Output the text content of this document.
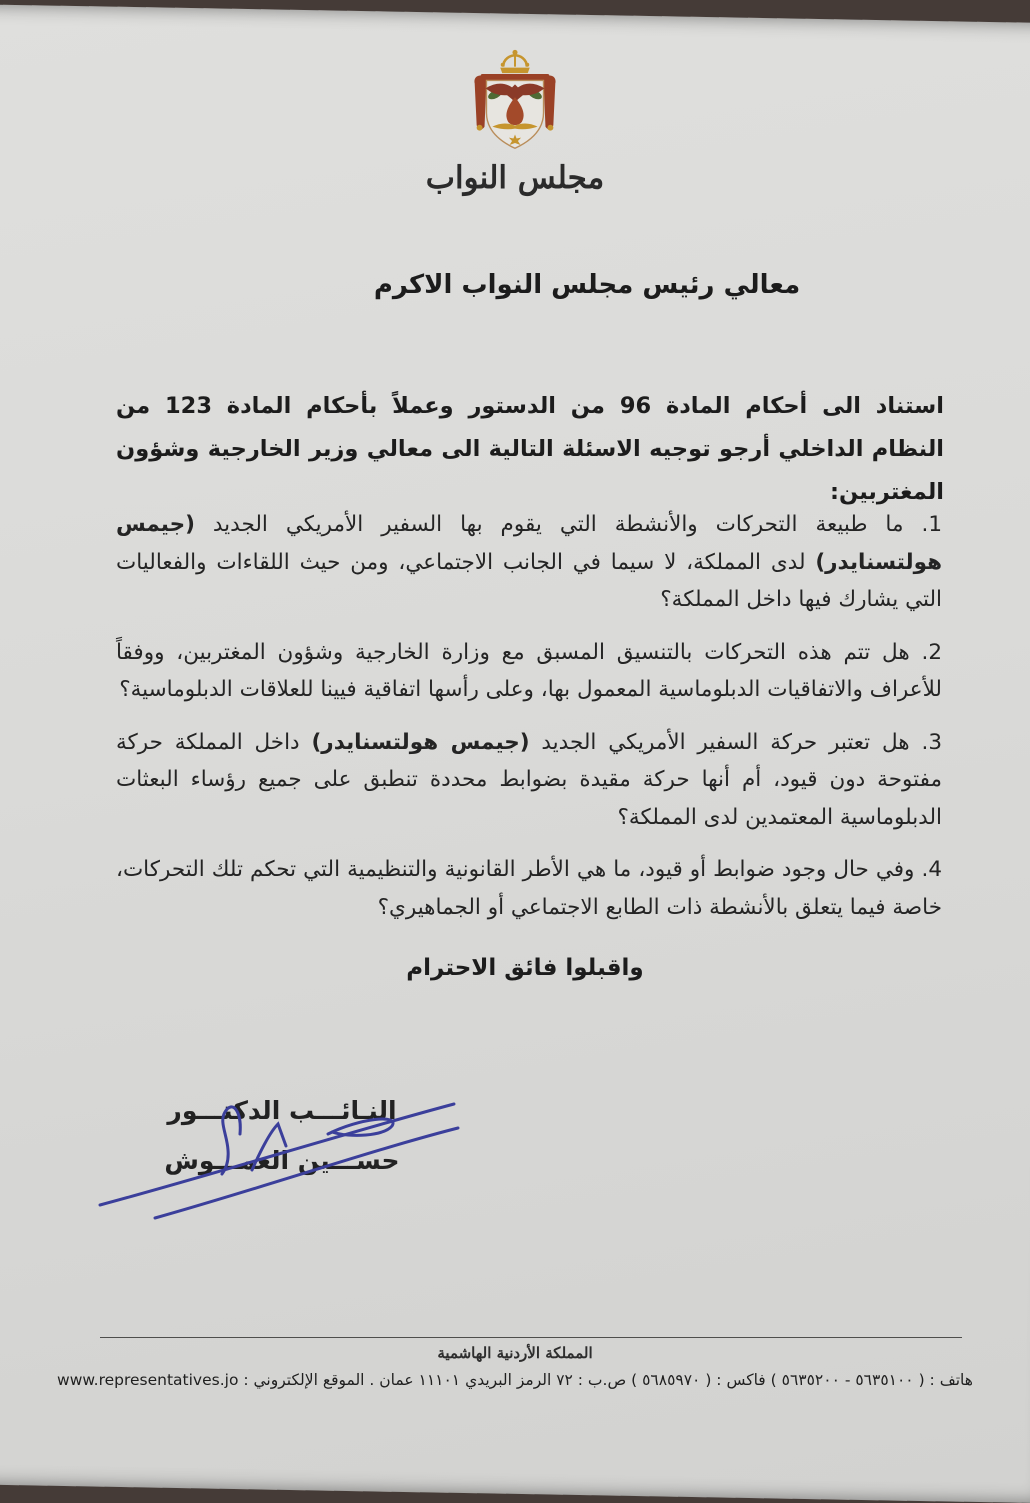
مجلس النواب
معالي رئيس مجلس النواب الاكرم

استناد الى أحكام المادة 96 من الدستور وعملاً بأحكام المادة 123 من النظام الداخلي أرجو توجيه الاسئلة التالية الى معالي وزير الخارجية وشؤون المغتربين:

1. ما طبيعة التحركات والأنشطة التي يقوم بها السفير الأمريكي الجديد (جيمس هولتسنايدر) لدى المملكة، لا سيما في الجانب الاجتماعي، ومن حيث اللقاءات والفعاليات التي يشارك فيها داخل المملكة؟

2. هل تتم هذه التحركات بالتنسيق المسبق مع وزارة الخارجية وشؤون المغتربين، ووفقاً للأعراف والاتفاقيات الدبلوماسية المعمول بها، وعلى رأسها اتفاقية فيينا للعلاقات الدبلوماسية؟

3. هل تعتبر حركة السفير الأمريكي الجديد (جيمس هولتسنايدر) داخل المملكة حركة مفتوحة دون قيود، أم أنها حركة مقيدة بضوابط محددة تنطبق على جميع رؤساء البعثات الدبلوماسية المعتمدين لدى المملكة؟

4. وفي حال وجود ضوابط أو قيود، ما هي الأطر القانونية والتنظيمية التي تحكم تلك التحركات، خاصة فيما يتعلق بالأنشطة ذات الطابع الاجتماعي أو الجماهيري؟

واقبلوا فائق الاحترام
النـائـــب الدكتـــور
حســـين العمـــوش
المملكة الأردنية الهاشمية
هاتف : ( ٥٦٣٥١٠٠ - ٥٦٣٥٢٠٠ ) فاكس : ( ٥٦٨٥٩٧٠ ) ص.ب : ٧٢ الرمز البريدي ١١١٠١ عمان . الموقع الإلكتروني : www.representatives.jo
